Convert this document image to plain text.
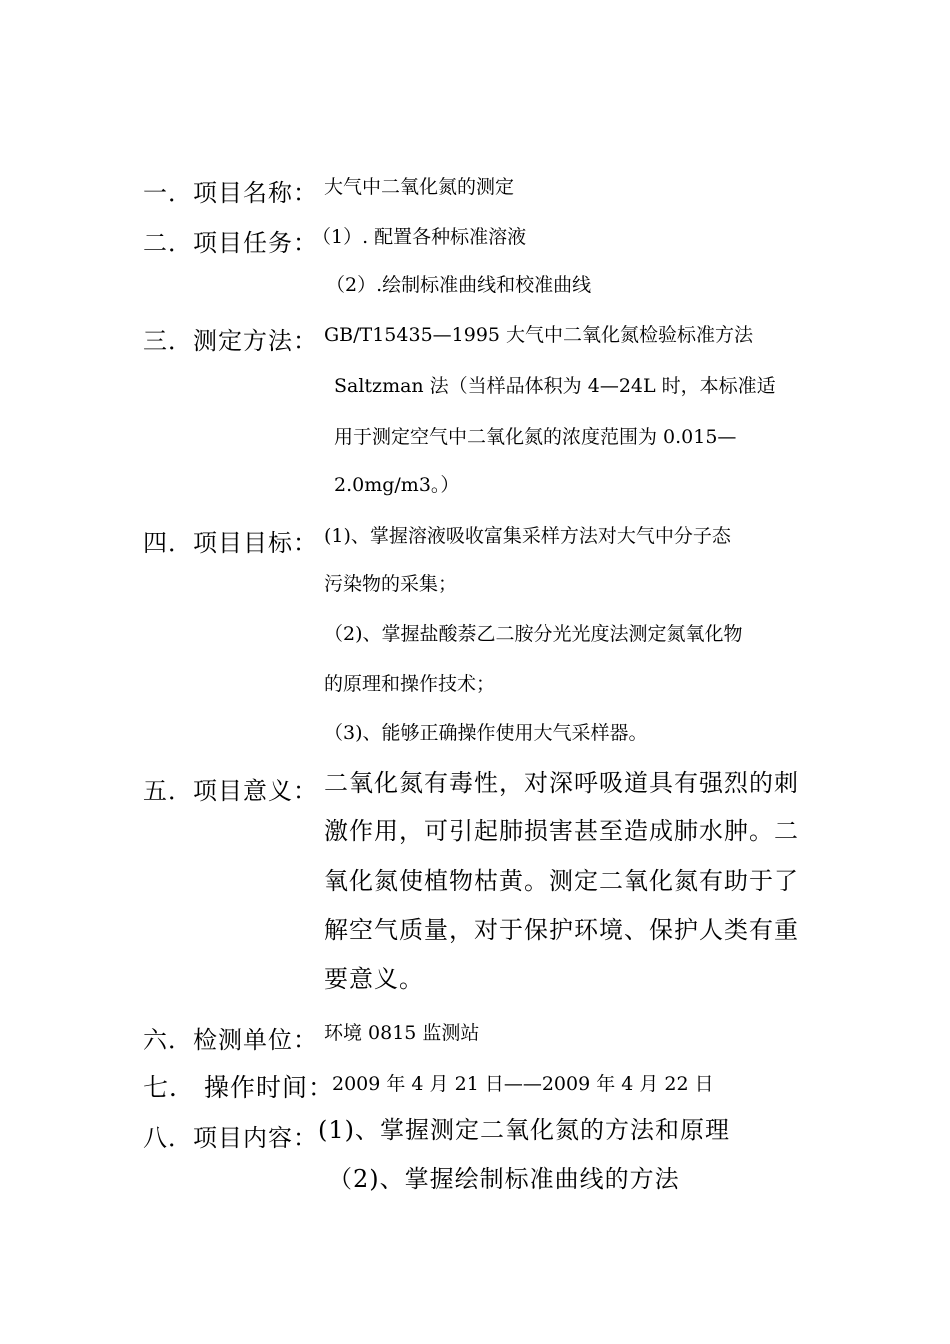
一．项目名称： 大气中二氧化氮的测定
二．项目任务：
（1）. 配置各种标准溶液
（2）.绘制标准曲线和校准曲线
三．测定方法： GB/T15435—1995 大气中二氧化氮检验标准方法
Saltzman 法（当样品体积为 4—24L 时，本标准适
用于测定空气中二氧化氮的浓度范围为 0.015—
2.0mg/m3。）
四．项目目标： (1)、掌握溶液吸收富集采样方法对大气中分子态
污染物的采集；
（2)、掌握盐酸萘乙二胺分光光度法测定氮氧化物
的原理和操作技术；
（3)、能够正确操作使用大气采样器。
五．项目意义： 二氧化氮有毒性，对深呼吸道具有强烈的刺
激作用，可引起肺损害甚至造成肺水肿。二
氧化氮使植物枯黄。测定二氧化氮有助于了
解空气质量，对于保护环境、保护人类有重
要意义。
六．检测单位： 环境 0815 监测站
七． 操作时间：
2009 年 4 月 21 日——2009 年 4 月 22 日
八．项目内容： (1)、掌握测定二氧化氮的方法和原理
（2)、掌握绘制标准曲线的方法
